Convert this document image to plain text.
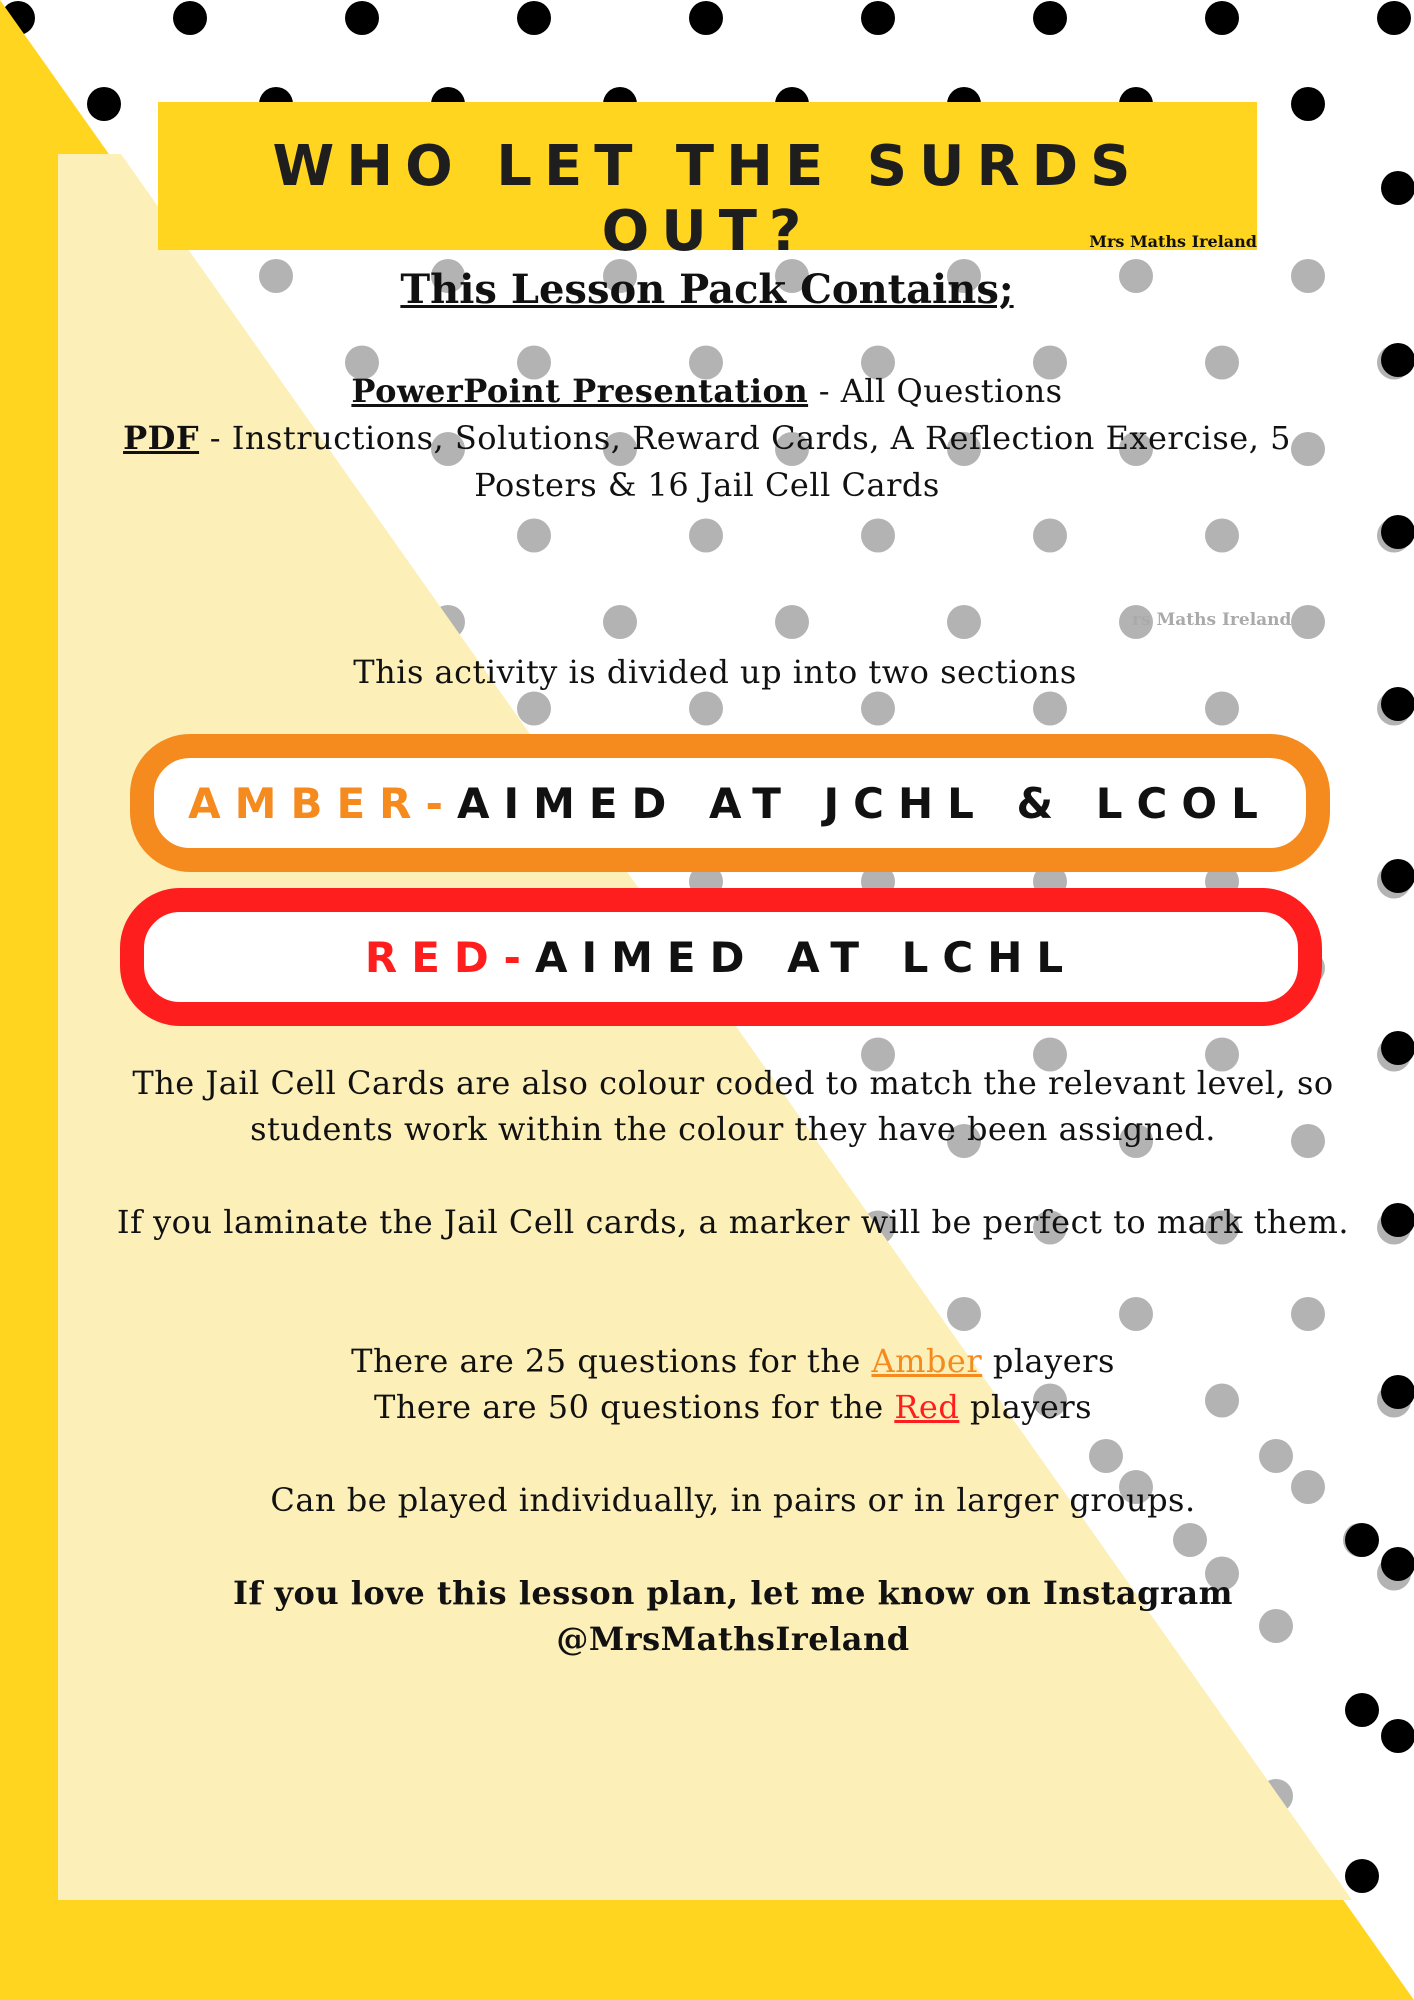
WHO LET THE SURDS OUT?	Mrs Maths Ireland
rs Maths Ireland
This Lesson Pack Contains;
PowerPoint Presentation - All Questions
PDF - Instructions, Solutions, Reward Cards, A Reflection Exercise, 5 Posters & 16 Jail Cell Cards
This activity is divided up into two sections
AMBER- AIMED AT JCHL & LCOL
RED- AIMED AT LCHL
The Jail Cell Cards are also colour coded to match the relevant level, so students work within the colour they have been assigned.
If you laminate the Jail Cell cards, a marker will be perfect to mark them.
There are 25 questions for the Amber players
There are 50 questions for the Red players
Can be played individually, in pairs or in larger groups.
If you love this lesson plan, let me know on Instagram
@MrsMathsIreland
